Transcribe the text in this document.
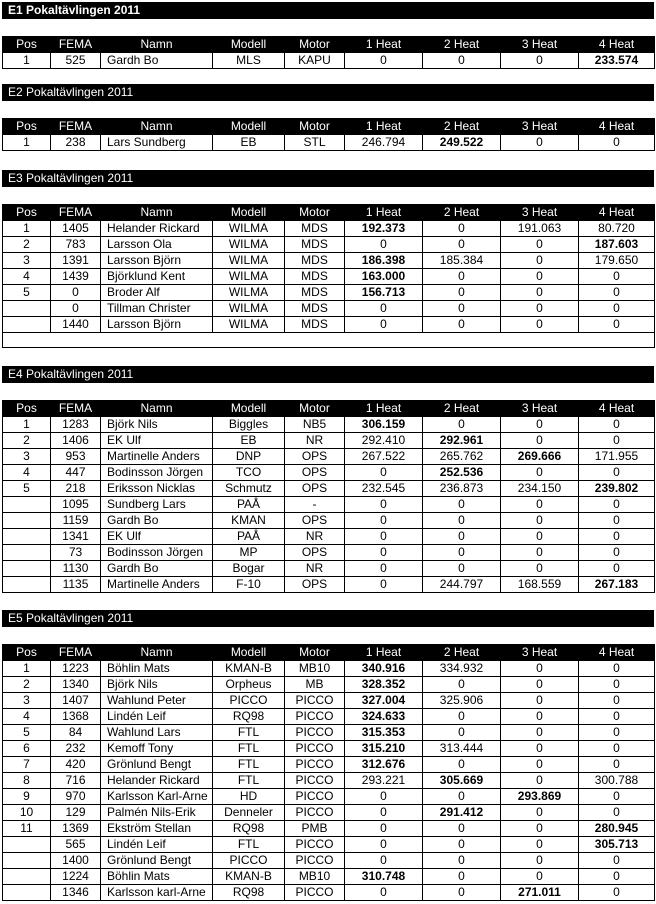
E1 Pokaltävlingen 2011
Pos	FEMA	Namn	Modell	Motor	1 Heat	2 Heat	3 Heat	4 Heat
1	525	Gardh Bo	MLS	KAPU	0	0	0	233.574
E2 Pokaltävlingen 2011
Pos	FEMA	Namn	Modell	Motor	1 Heat	2 Heat	3 Heat	4 Heat
1	238	Lars Sundberg	EB	STL	246.794	249.522	0	0
E3 Pokaltävlingen 2011
Pos	FEMA	Namn	Modell	Motor	1 Heat	2 Heat	3 Heat	4 Heat
1	1405	Helander Rickard	WILMA	MDS	192.373	0	191.063	80.720
2	783	Larsson Ola	WILMA	MDS	0	0	0	187.603
3	1391	Larsson Björn	WILMA	MDS	186.398	185.384	0	179.650
4	1439	Björklund Kent	WILMA	MDS	163.000	0	0	0
5	0	Broder Alf	WILMA	MDS	156.713	0	0	0
	0	Tillman Christer	WILMA	MDS	0	0	0	0
	1440	Larsson Björn	WILMA	MDS	0	0	0	0

E4 Pokaltävlingen 2011
Pos	FEMA	Namn	Modell	Motor	1 Heat	2 Heat	3 Heat	4 Heat
1	1283	Björk Nils	Biggles	NB5	306.159	0	0	0
2	1406	EK Ulf	EB	NR	292.410	292.961	0	0
3	953	Martinelle Anders	DNP	OPS	267.522	265.762	269.666	171.955
4	447	Bodinsson Jörgen	TCO	OPS	0	252.536	0	0
5	218	Eriksson Nicklas	Schmutz	OPS	232.545	236.873	234.150	239.802
	1095	Sundberg Lars	PAÅ	-	0	0	0	0
	1159	Gardh Bo	KMAN	OPS	0	0	0	0
	1341	EK Ulf	PAÅ	NR	0	0	0	0
	73	Bodinsson Jörgen	MP	OPS	0	0	0	0
	1130	Gardh Bo	Bogar	NR	0	0	0	0
	1135	Martinelle Anders	F-10	OPS	0	244.797	168.559	267.183
E5 Pokaltävlingen 2011
Pos	FEMA	Namn	Modell	Motor	1 Heat	2 Heat	3 Heat	4 Heat
1	1223	Böhlin Mats	KMAN-B	MB10	340.916	334.932	0	0
2	1340	Björk Nils	Orpheus	MB	328.352	0	0	0
3	1407	Wahlund Peter	PICCO	PICCO	327.004	325.906	0	0
4	1368	Lindén Leif	RQ98	PICCO	324.633	0	0	0
5	84	Wahlund Lars	FTL	PICCO	315.353	0	0	0
6	232	Kemoff Tony	FTL	PICCO	315.210	313.444	0	0
7	420	Grönlund Bengt	FTL	PICCO	312.676	0	0	0
8	716	Helander Rickard	FTL	PICCO	293.221	305.669	0	300.788
9	970	Karlsson Karl-Arne	HD	PICCO	0	0	293.869	0
10	129	Palmén Nils-Erik	Denneler	PICCO	0	291.412	0	0
11	1369	Ekström Stellan	RQ98	PMB	0	0	0	280.945
	565	Lindén Leif	FTL	PICCO	0	0	0	305.713
	1400	Grönlund Bengt	PICCO	PICCO	0	0	0	0
	1224	Böhlin Mats	KMAN-B	MB10	310.748	0	0	0
	1346	Karlsson karl-Arne	RQ98	PICCO	0	0	271.011	0
